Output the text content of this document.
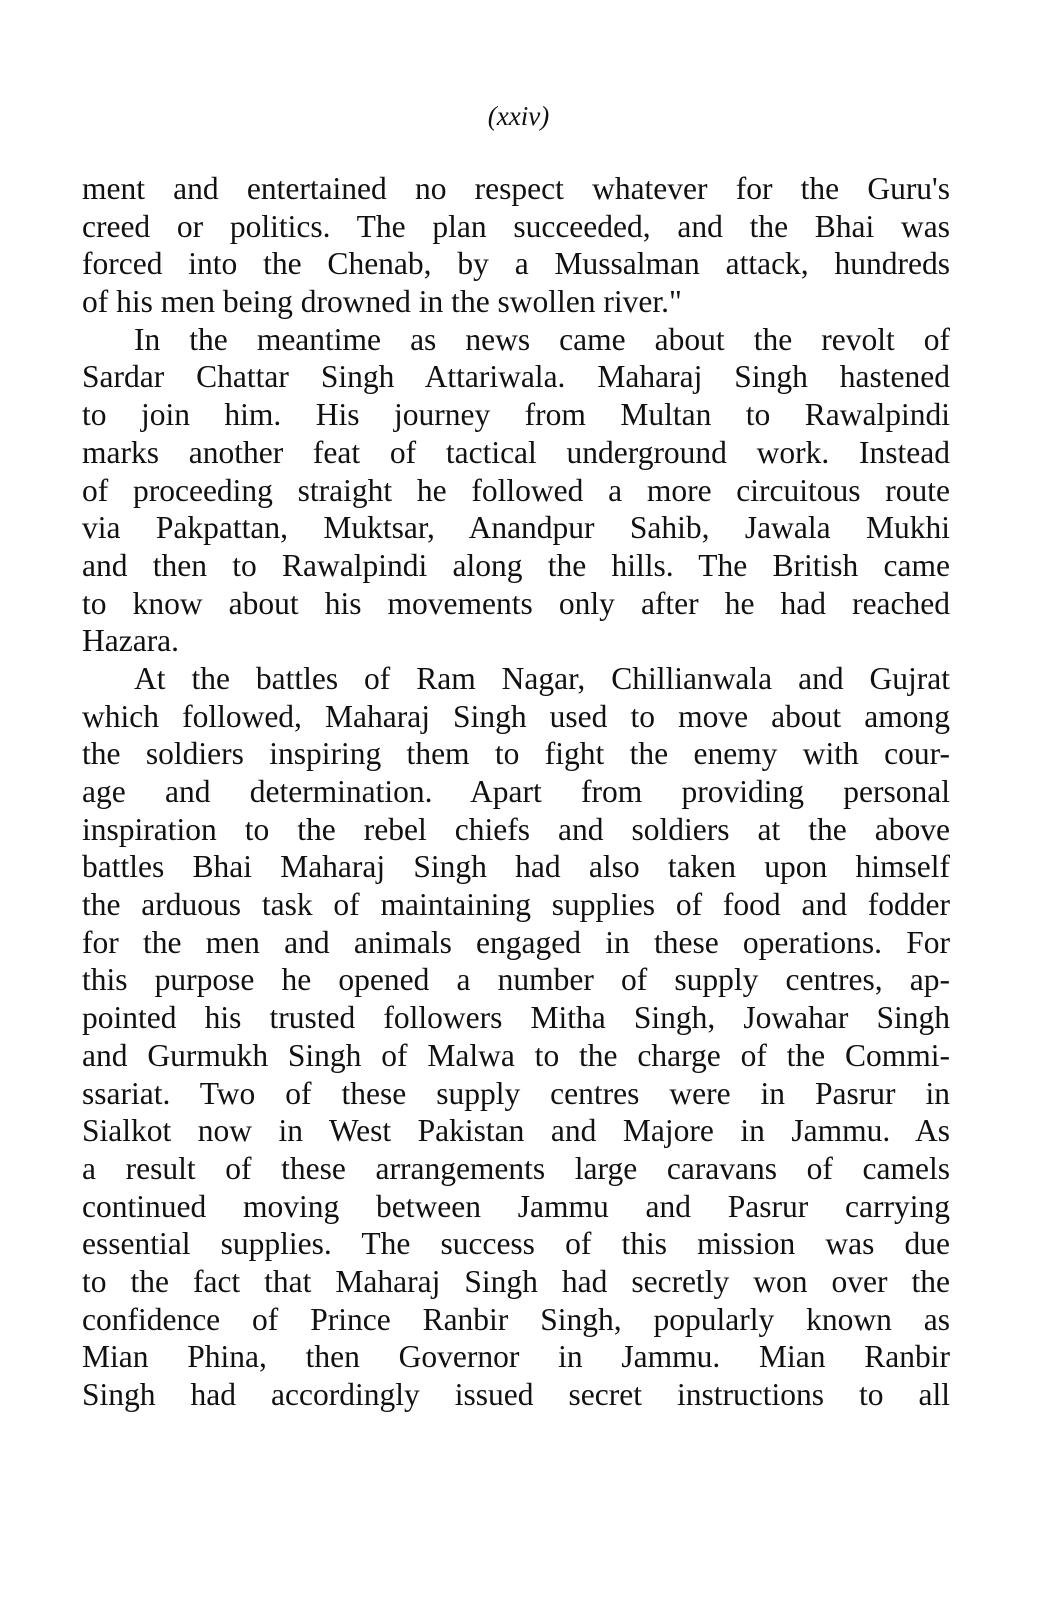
(xxiv)

ment and entertained no respect whatever for the Guru's
creed or politics. The plan succeeded, and the Bhai was
forced into the Chenab, by a Mussalman attack, hundreds
of his men being drowned in the swollen river."

In the meantime as news came about the revolt of
Sardar Chattar Singh Attariwala. Maharaj Singh hastened
to join him. His journey from Multan to Rawalpindi
marks another feat of tactical underground work. Instead
of proceeding straight he followed a more circuitous route
via Pakpattan, Muktsar, Anandpur Sahib, Jawala Mukhi
and then to Rawalpindi along the hills. The British came
to know about his movements only after he had reached
Hazara.

At the battles of Ram Nagar, Chillianwala and Gujrat
which followed, Maharaj Singh used to move about among
the soldiers inspiring them to fight the enemy with cour-
age and determination. Apart from providing personal
inspiration to the rebel chiefs and soldiers at the above
battles Bhai Maharaj Singh had also taken upon himself
the arduous task of maintaining supplies of food and fodder
for the men and animals engaged in these operations. For
this purpose he opened a number of supply centres, ap-
pointed his trusted followers Mitha Singh, Jowahar Singh
and Gurmukh Singh of Malwa to the charge of the Commi-
ssariat. Two of these supply centres were in Pasrur in
Sialkot now in West Pakistan and Majore in Jammu. As
a result of these arrangements large caravans of camels
continued moving between Jammu and Pasrur carrying
essential supplies. The success of this mission was due
to the fact that Maharaj Singh had secretly won over the
confidence of Prince Ranbir Singh, popularly known as
Mian Phina, then Governor in Jammu. Mian Ranbir
Singh had accordingly issued secret instructions to all
